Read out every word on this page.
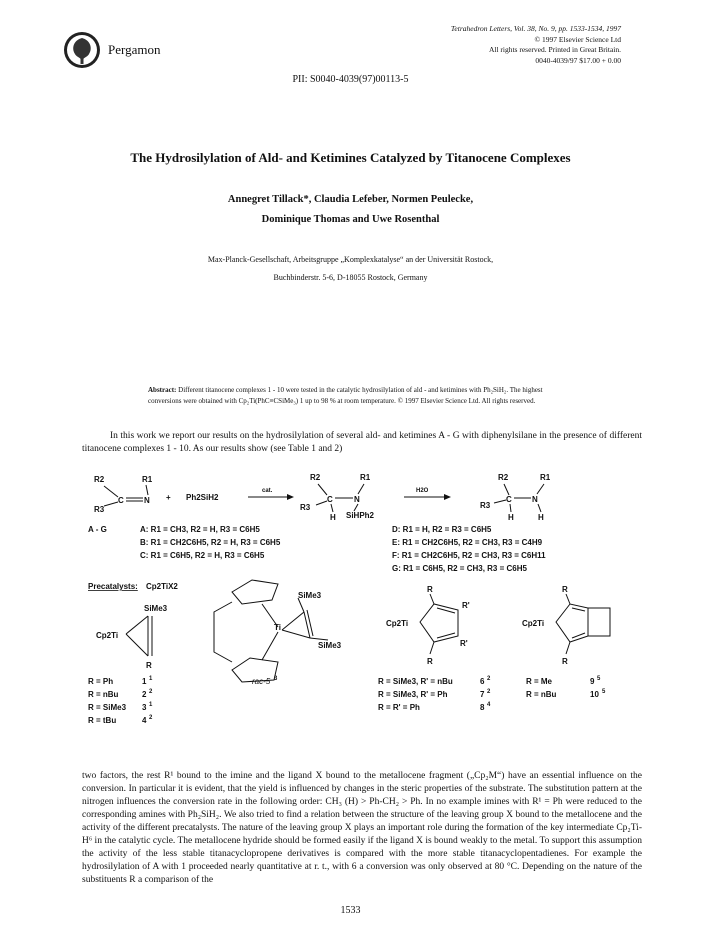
Pergamon
Tetrahedron Letters, Vol. 38, No. 9, pp. 1533-1534, 1997
© 1997 Elsevier Science Ltd
All rights reserved. Printed in Great Britain.
0040-4039/97 $17.00 + 0.00
PII: S0040-4039(97)00113-5
The Hydrosilylation of Ald- and Ketimines Catalyzed by Titanocene Complexes
Annegret Tillack*, Claudia Lefeber, Normen Peulecke,
Dominique Thomas and Uwe Rosenthal
Max-Planck-Gesellschaft, Arbeitsgruppe „Komplexkatalyse“ an der Universität Rostock,
Buchbinderstr. 5-6, D-18055 Rostock, Germany
Abstract: Different titanocene complexes 1 - 10 were tested in the catalytic hydrosilylation of ald - and ketimines with Ph₂SiH₂. The highest conversions were obtained with Cp₂Ti(PhC≡CSiMe₃) 1 up to 98 % at room temperature. © 1997 Elsevier Science Ltd. All rights reserved.
In this work we report our results on the hydrosilylation of several ald- and ketimines A - G with diphenylsilane in the presence of different titanocene complexes 1 - 10. As our results show (see Table 1 and 2)
R2	R1
R3
C	N + Ph2SiH2
cat.
R2	R1
R3
C	N
H SiHPh2
H2O
R2	R1
R3
C	N
H	H
A - G	A: R1 = CH3, R2 = H, R3 = C6H5
B: R1 = CH2C6H5, R2 = H, R3 = C6H5
C: R1 = C6H5, R2 = H, R3 = C6H5
D: R1 = H, R2 = R3 = C6H5
E: R1 = CH2C6H5, R2 = CH3, R3 = C4H9
F: R1 = CH2C6H5, R2 = CH3, R3 = C6H11
G: R1 = C6H5, R2 = CH3, R3 = C6H5
Precatalysts: Cp2TiX2
SiMe3
Cp2Ti
R
R = Ph	1 1
R = nBu	2 2
R = SiMe3 3 1
R = tBu	4 2
SiMe3
SiMe3
Ti
rac-5 3
R
R
R'
R'
Cp2Ti
R = SiMe3, R' = nBu	6 2
R = SiMe3, R' = Ph	7 2
R = R' = Ph	8 4
R
R
Cp2Ti
R = Me	9 5
R = nBu	10 5
two factors, the rest R¹ bound to the imine and the ligand X bound to the metallocene fragment („Cp₂M“) have an essential influence on the conversion. In particular it is evident, that the yield is influenced by changes in the steric properties of the substrate. The substitution pattern at the nitrogen influences the conversion rate in the following order: CH₃ (H) > Ph-CH₂ > Ph. In no example imines with R¹ = Ph were reduced to the corresponding amines with Ph₂SiH₂. We also tried to find a relation between the structure of the leaving group X bound to the metallocene and the activity of the different precatalysts. The nature of the leaving group X plays an important role during the formation of the key intermediate Cp₂Ti-H⁶ in the catalytic cycle. The metallocene hydride should be formed easily if the ligand X is bound weakly to the metal. To support this assumption the activity of the less stable titanacyclopropene derivatives is compared with the more stable titanacyclopentadienes. For example the hydrosilylation of A with 1 proceeded nearly quantitative at r. t., with 6 a conversion was only observed at 80 °C. Depending on the nature of the substituents R a comparison of the
1533
